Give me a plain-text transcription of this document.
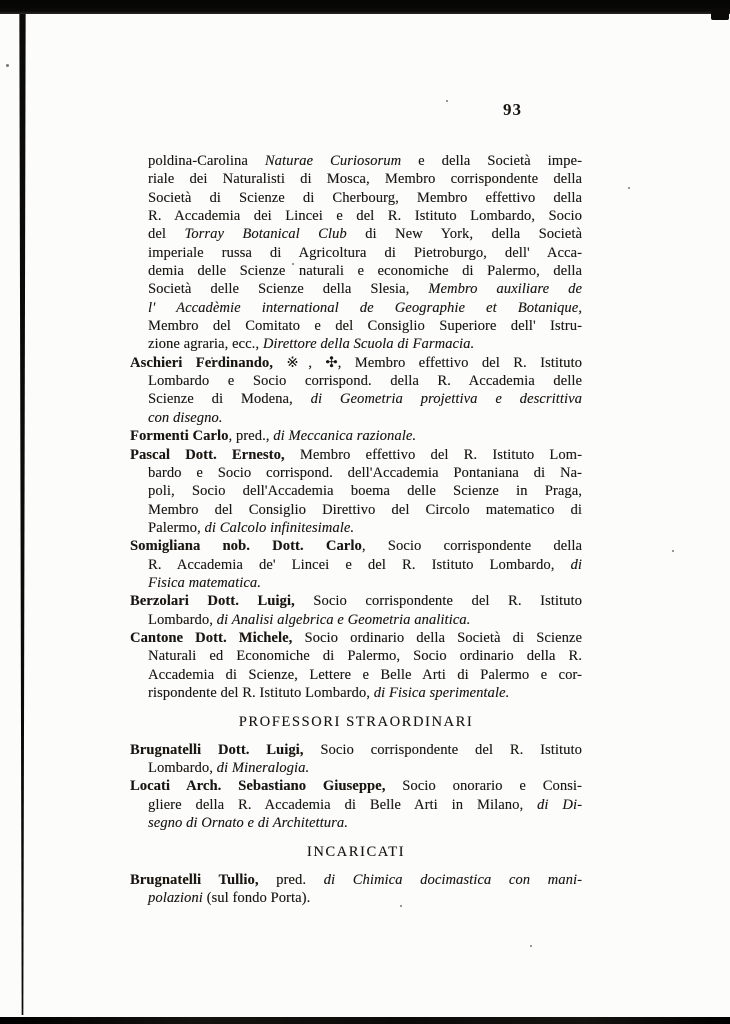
93
poldina-Carolina Naturae Curiosorum e della Società impe-
riale dei Naturalisti di Mosca, Membro corrispondente della
Società di Scienze di Cherbourg, Membro effettivo della
R. Accademia dei Lincei e del R. Istituto Lombardo, Socio
del Torray Botanical Club di New York, della Società
imperiale russa di Agricoltura di Pietroburgo, dell' Acca-
demia delle Scienze naturali e economiche di Palermo, della
Società delle Scienze della Slesia, Membro auxiliare de
l' Accadèmie international de Geographie et Botanique,
Membro del Comitato e del Consiglio Superiore dell' Istru-
zione agraria, ecc., Direttore della Scuola di Farmacia.
Aschieri Ferdinando, ※, ✣, Membro effettivo del R. Istituto
Lombardo e Socio corrispond. della R. Accademia delle
Scienze di Modena, di Geometria projettiva e descrittiva
con disegno.
Formenti Carlo, pred., di Meccanica razionale.
Pascal Dott. Ernesto, Membro effettivo del R. Istituto Lom-
bardo e Socio corrispond. dell'Accademia Pontaniana di Na-
poli, Socio dell'Accademia boema delle Scienze in Praga,
Membro del Consiglio Direttivo del Circolo matematico di
Palermo, di Calcolo infinitesimale.
Somigliana nob. Dott. Carlo, Socio corrispondente della
R. Accademia de' Lincei e del R. Istituto Lombardo, di
Fisica matematica.
Berzolari Dott. Luigi, Socio corrispondente del R. Istituto
Lombardo, di Analisi algebrica e Geometria analitica.
Cantone Dott. Michele, Socio ordinario della Società di Scienze
Naturali ed Economiche di Palermo, Socio ordinario della R.
Accademia di Scienze, Lettere e Belle Arti di Palermo e cor-
rispondente del R. Istituto Lombardo, di Fisica sperimentale.
PROFESSORI STRAORDINARI
Brugnatelli Dott. Luigi, Socio corrispondente del R. Istituto
Lombardo, di Mineralogia.
Locati Arch. Sebastiano Giuseppe, Socio onorario e Consi-
gliere della R. Accademia di Belle Arti in Milano, di Di-
segno di Ornato e di Architettura.
INCARICATI
Brugnatelli Tullio, pred. di Chimica docimastica con mani-
polazioni (sul fondo Porta).
